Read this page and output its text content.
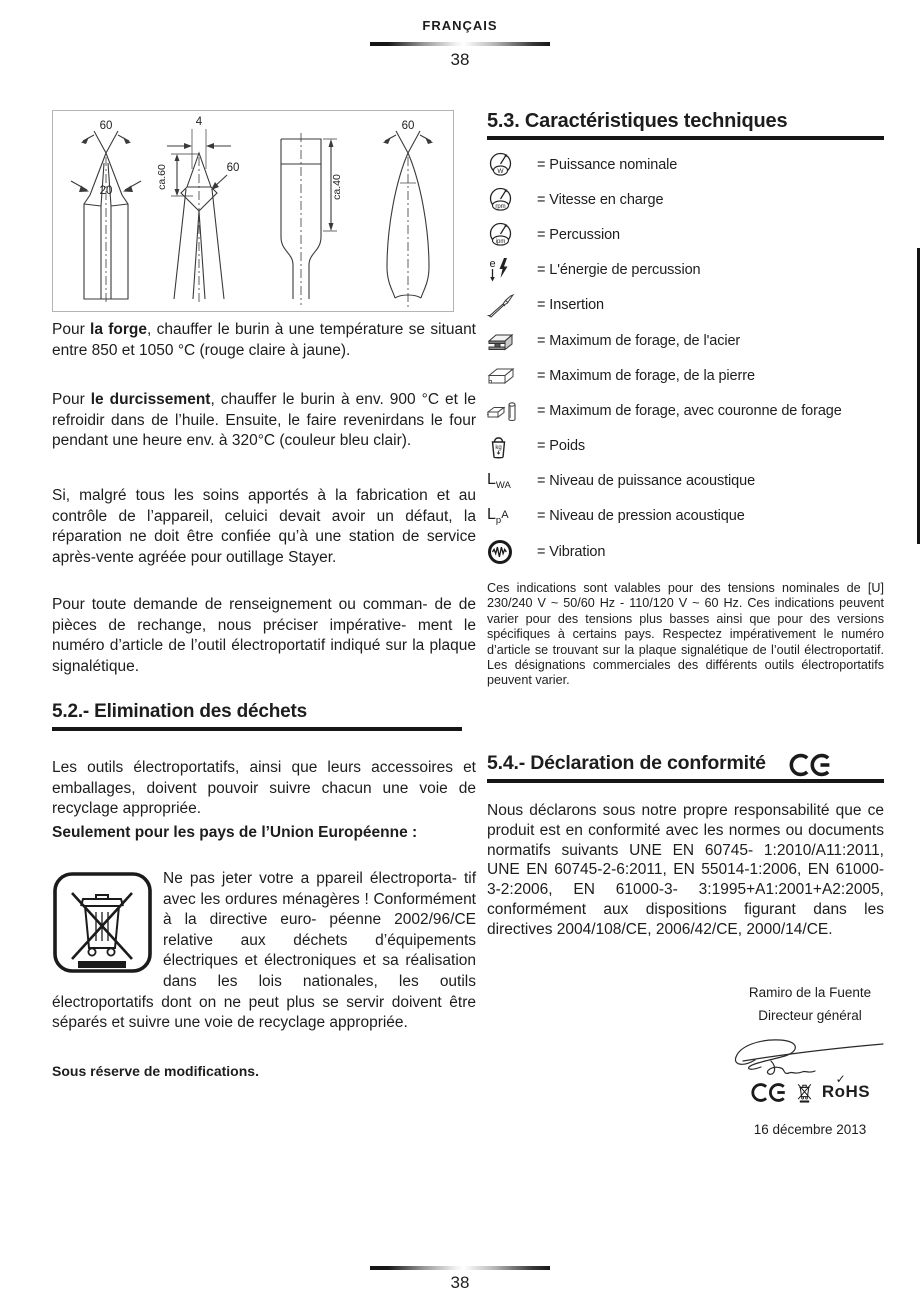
FRANÇAIS
38
60
20
4
ca.60	60
ca.40
60

Pour la forge, chauffer le burin à une température se situant entre 850 et 1050 °C (rouge claire à jaune).

Pour le durcissement, chauffer le burin à env. 900 °C et le refroidir dans de l’huile. Ensuite, le faire revenirdans le four pendant une heure env. à 320°C (couleur bleu clair).

Si, malgré tous les soins apportés à la fabrication et au contrôle de l’appareil, celuici devait avoir un défaut, la réparation ne doit être confiée qu’à une station de service après-vente agréée pour outillage Stayer.

Pour toute demande de renseignement ou comman- de de pièces de rechange, nous préciser impérative- ment le numéro d’article de l’outil électroportatif indiqué sur la plaque signalétique.

5.2.- Elimination des déchets

Les outils électroportatifs, ainsi que leurs accessoires et emballages, doivent pouvoir suivre chacun une voie de recyclage appropriée.

Seulement pour les pays de l’Union Européenne :

Ne pas jeter votre a ppareil électroporta- tif avec les ordures ménagères ! Conformément à la directive euro- péenne 2002/96/CE relative aux déchets d’équipements électriques et électroniques et sa réalisation dans les lois nationales, les outils électroportatifs dont on ne peut plus se servir doivent être séparés et suivre une voie de recyclage appropriée.

Sous réserve de modifications.

5.3. Caractéristiques techniques
W = Puissance nominale
rpm = Vitesse en charge
ipm = Percussion
e	= L'énergie de percussion
= Insertion
= Maximum de forage, de l'acier
= Maximum de forage, de la pierre
= Maximum de forage, avec couronne de forage
kg = Poids
$L_{WA}$ = Niveau de puissance acoustique
$L_pA$ = Niveau de pression acoustique
= Vibration
Ces indications sont valables pour des tensions nominales de [U] 230/240 V ~ 50/60 Hz - 110/120 V ~ 60 Hz. Ces indications peuvent varier pour des tensions plus basses ainsi que pour des versions spécifiques à certains pays. Respectez impérativement le numéro d’article se trouvant sur la plaque signalétique de l’outil électroportatif. Les désignations commerciales des différents outils électroportatifs peuvent varier.
5.4.- Déclaration de conformité

Nous déclarons sous notre propre responsabilité que ce produit est en conformité avec les normes ou documents normatifs suivants UNE EN 60745- 1:2010/A11:2011, UNE EN 60745-2-6:2011, EN 55014-1:2006, EN 61000-3-2:2006, EN 61000-3- 3:1995+A1:2001+A2:2005, conformément aux dispositions figurant dans les directives 2004/108/CE, 2006/42/CE, 2000/14/CE.

Ramiro de la Fuente
Directeur général
Ro
✓
HS
16 décembre 2013
38
